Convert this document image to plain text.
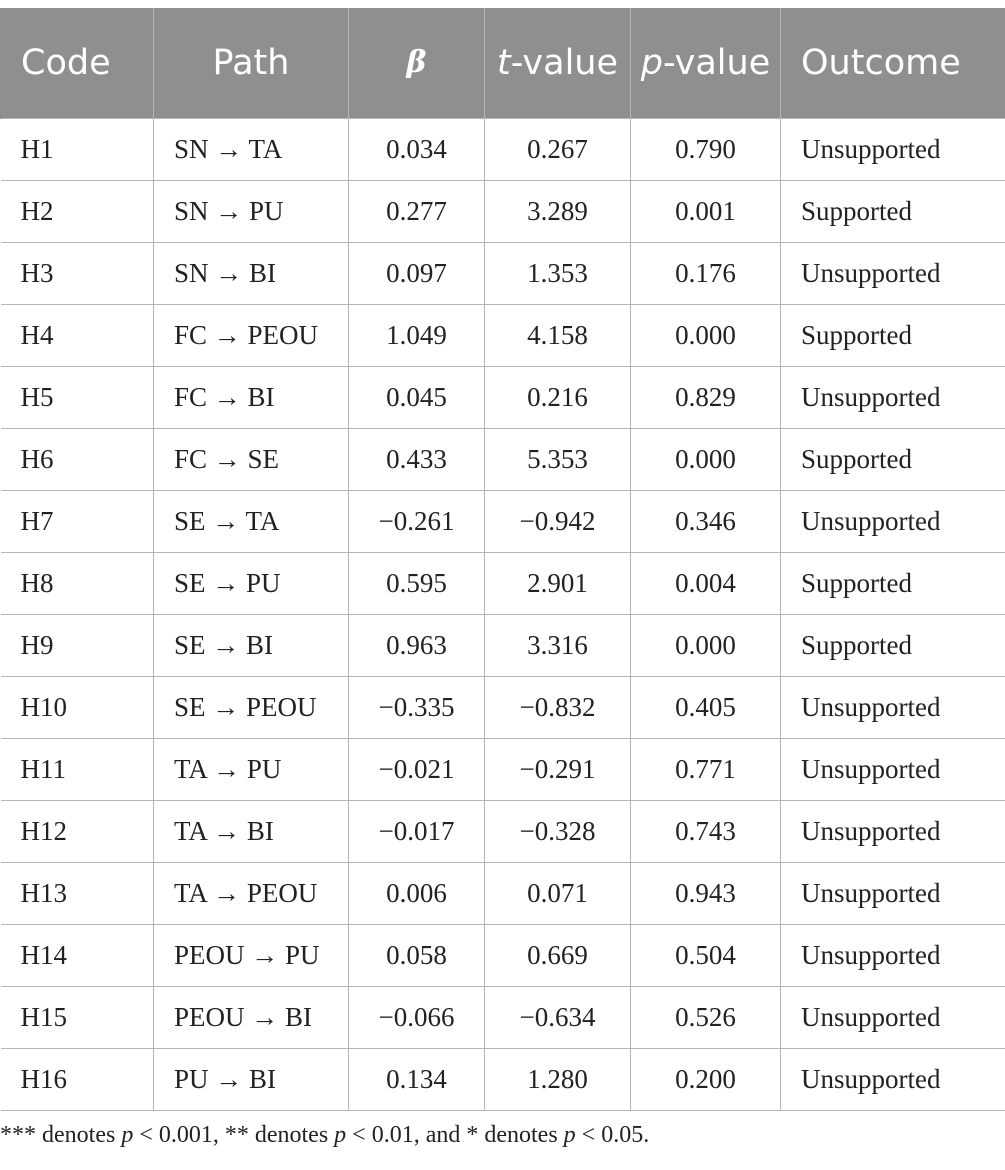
Code	Path	β	t-value	p-value	Outcome
H1	SN → TA	0.034	0.267	0.790	Unsupported
H2	SN → PU	0.277	3.289	0.001	Supported
H3	SN → BI	0.097	1.353	0.176	Unsupported
H4	FC → PEOU	1.049	4.158	0.000	Supported
H5	FC → BI	0.045	0.216	0.829	Unsupported
H6	FC → SE	0.433	5.353	0.000	Supported
H7	SE → TA	−0.261	−0.942	0.346	Unsupported
H8	SE → PU	0.595	2.901	0.004	Supported
H9	SE → BI	0.963	3.316	0.000	Supported
H10	SE → PEOU	−0.335	−0.832	0.405	Unsupported
H11	TA → PU	−0.021	−0.291	0.771	Unsupported
H12	TA → BI	−0.017	−0.328	0.743	Unsupported
H13	TA → PEOU	0.006	0.071	0.943	Unsupported
H14	PEOU → PU	0.058	0.669	0.504	Unsupported
H15	PEOU → BI	−0.066	−0.634	0.526	Unsupported
H16	PU → BI	0.134	1.280	0.200	Unsupported
*** denotes p < 0.001, ** denotes p < 0.01, and * denotes p < 0.05.
